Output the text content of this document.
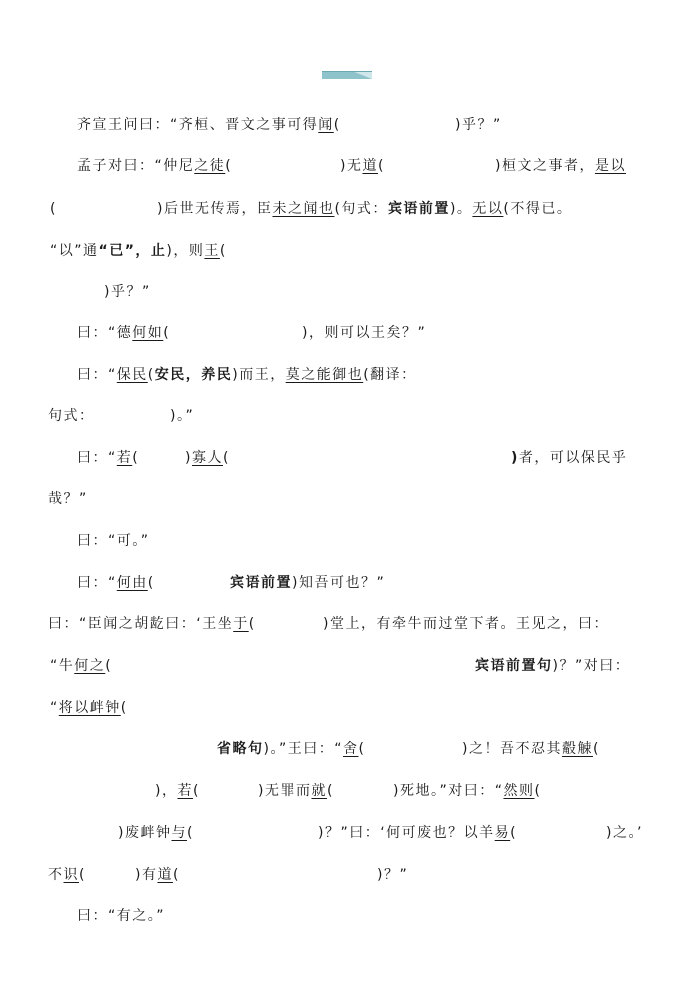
齐宣王问曰：“齐桓、晋文之事可得闻(	)乎？”
孟子对曰：“仲尼之徒(	)无道(	)桓文之事者，是以
(	)后世无传焉，臣未之闻也(句式：宾语前置)。无以(不得已。
“以”通“已”，止)，则王(
)乎？”
曰：“德何如(	)，则可以王矣？”
曰：“保民(安民，养民)而王，莫之能御也(翻译：
句式：	)。”
曰：“若(	)寡人(	)者，可以保民乎
哉？”
曰：“可。”
曰：“何由(	宾语前置)知吾可也？”
曰：“臣闻之胡龁曰：‘王坐于(	)堂上，有牵牛而过堂下者。王见之，曰：
“牛何之(	宾语前置句)？”对曰：
“将以衅钟(
省略句)。”王曰：“舍(	)之！吾不忍其觳觫(
)，若(	)无罪而就(	)死地。”对曰：“然则(
)废衅钟与(	)？”曰：‘何可废也？以羊易(	)之。’
不识(	)有道(	)？”
曰：“有之。”
